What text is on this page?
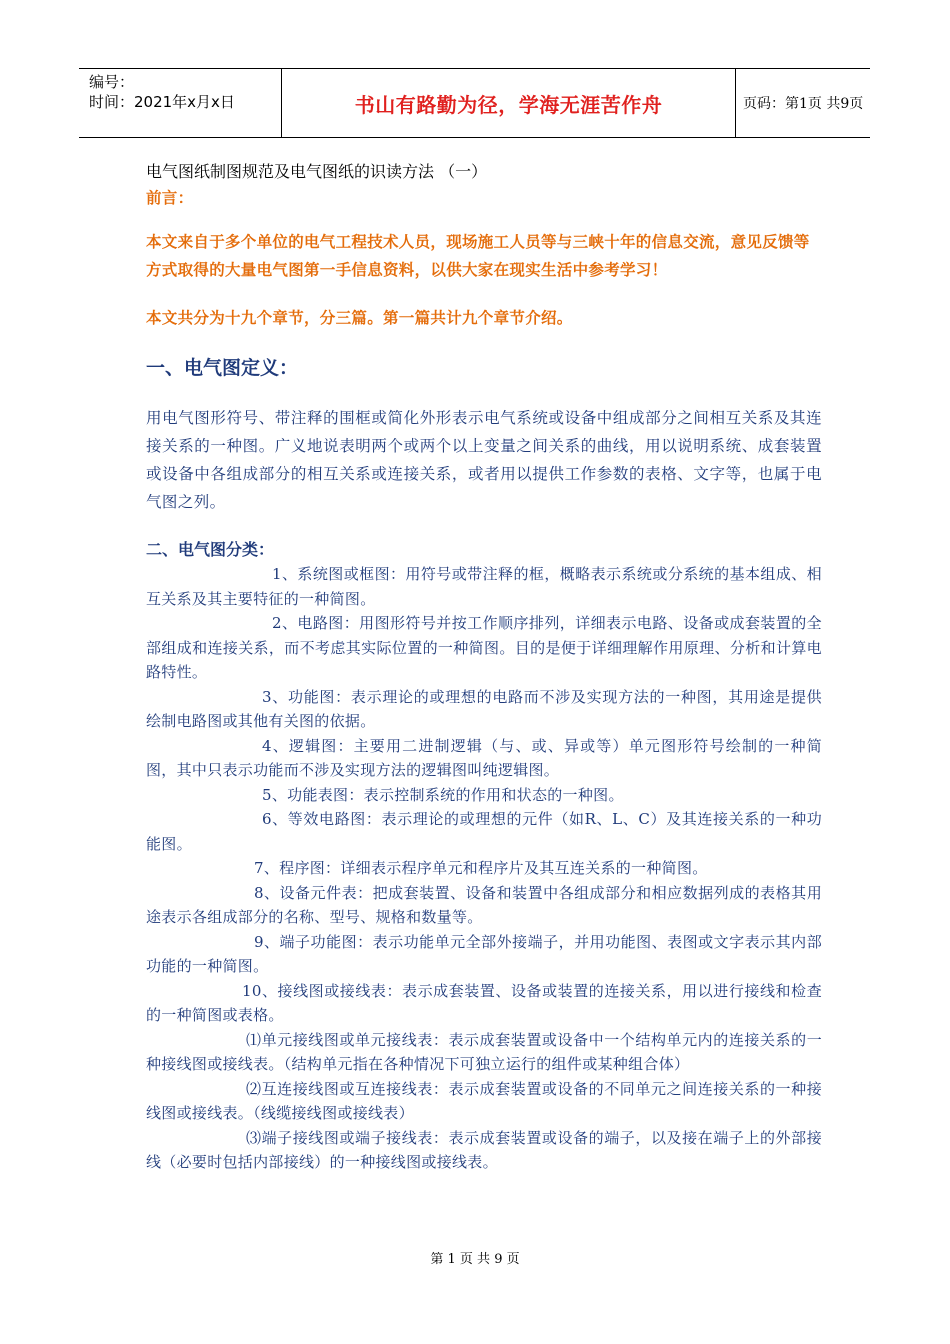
编号：
时间：2021年x月x日	书山有路勤为径，学海无涯苦作舟	页码：第1页 共9页
电气图纸制图规范及电气图纸的识读方法 （一）
前言：
本文来自于多个单位的电气工程技术人员，现场施工人员等与三峡十年的信息交流，意见反馈等方式取得的大量电气图第一手信息资料，以供大家在现实生活中参考学习！
本文共分为十九个章节，分三篇。第一篇共计九个章节介绍。
一、电气图定义：
用电气图形符号、带注释的围框或简化外形表示电气系统或设备中组成部分之间相互关系及其连接关系的一种图。广义地说表明两个或两个以上变量之间关系的曲线，用以说明系统、成套装置或设备中各组成部分的相互关系或连接关系，或者用以提供工作参数的表格、文字等，也属于电气图之列。
二、电气图分类：
1、系统图或框图：用符号或带注释的框，概略表示系统或分系统的基本组成、相互关系及其主要特征的一种简图。
2、电路图：用图形符号并按工作顺序排列，详细表示电路、设备或成套装置的全部组成和连接关系，而不考虑其实际位置的一种简图。目的是便于详细理解作用原理、分析和计算电路特性。
3、功能图：表示理论的或理想的电路而不涉及实现方法的一种图，其用途是提供绘制电路图或其他有关图的依据。
4、逻辑图：主要用二进制逻辑（与、或、异或等）单元图形符号绘制的一种简图，其中只表示功能而不涉及实现方法的逻辑图叫纯逻辑图。
5、功能表图：表示控制系统的作用和状态的一种图。
6、等效电路图：表示理论的或理想的元件（如R、L、C）及其连接关系的一种功能图。
7、程序图：详细表示程序单元和程序片及其互连关系的一种简图。
8、设备元件表：把成套装置、设备和装置中各组成部分和相应数据列成的表格其用途表示各组成部分的名称、型号、规格和数量等。
9、端子功能图：表示功能单元全部外接端子，并用功能图、表图或文字表示其内部功能的一种简图。
10、接线图或接线表：表示成套装置、设备或装置的连接关系，用以进行接线和检查的一种简图或表格。
⑴单元接线图或单元接线表：表示成套装置或设备中一个结构单元内的连接关系的一种接线图或接线表。（结构单元指在各种情况下可独立运行的组件或某种组合体）
⑵互连接线图或互连接线表：表示成套装置或设备的不同单元之间连接关系的一种接线图或接线表。（线缆接线图或接线表）
⑶端子接线图或端子接线表：表示成套装置或设备的端子，以及接在端子上的外部接线（必要时包括内部接线）的一种接线图或接线表。
第 1 页 共 9 页
